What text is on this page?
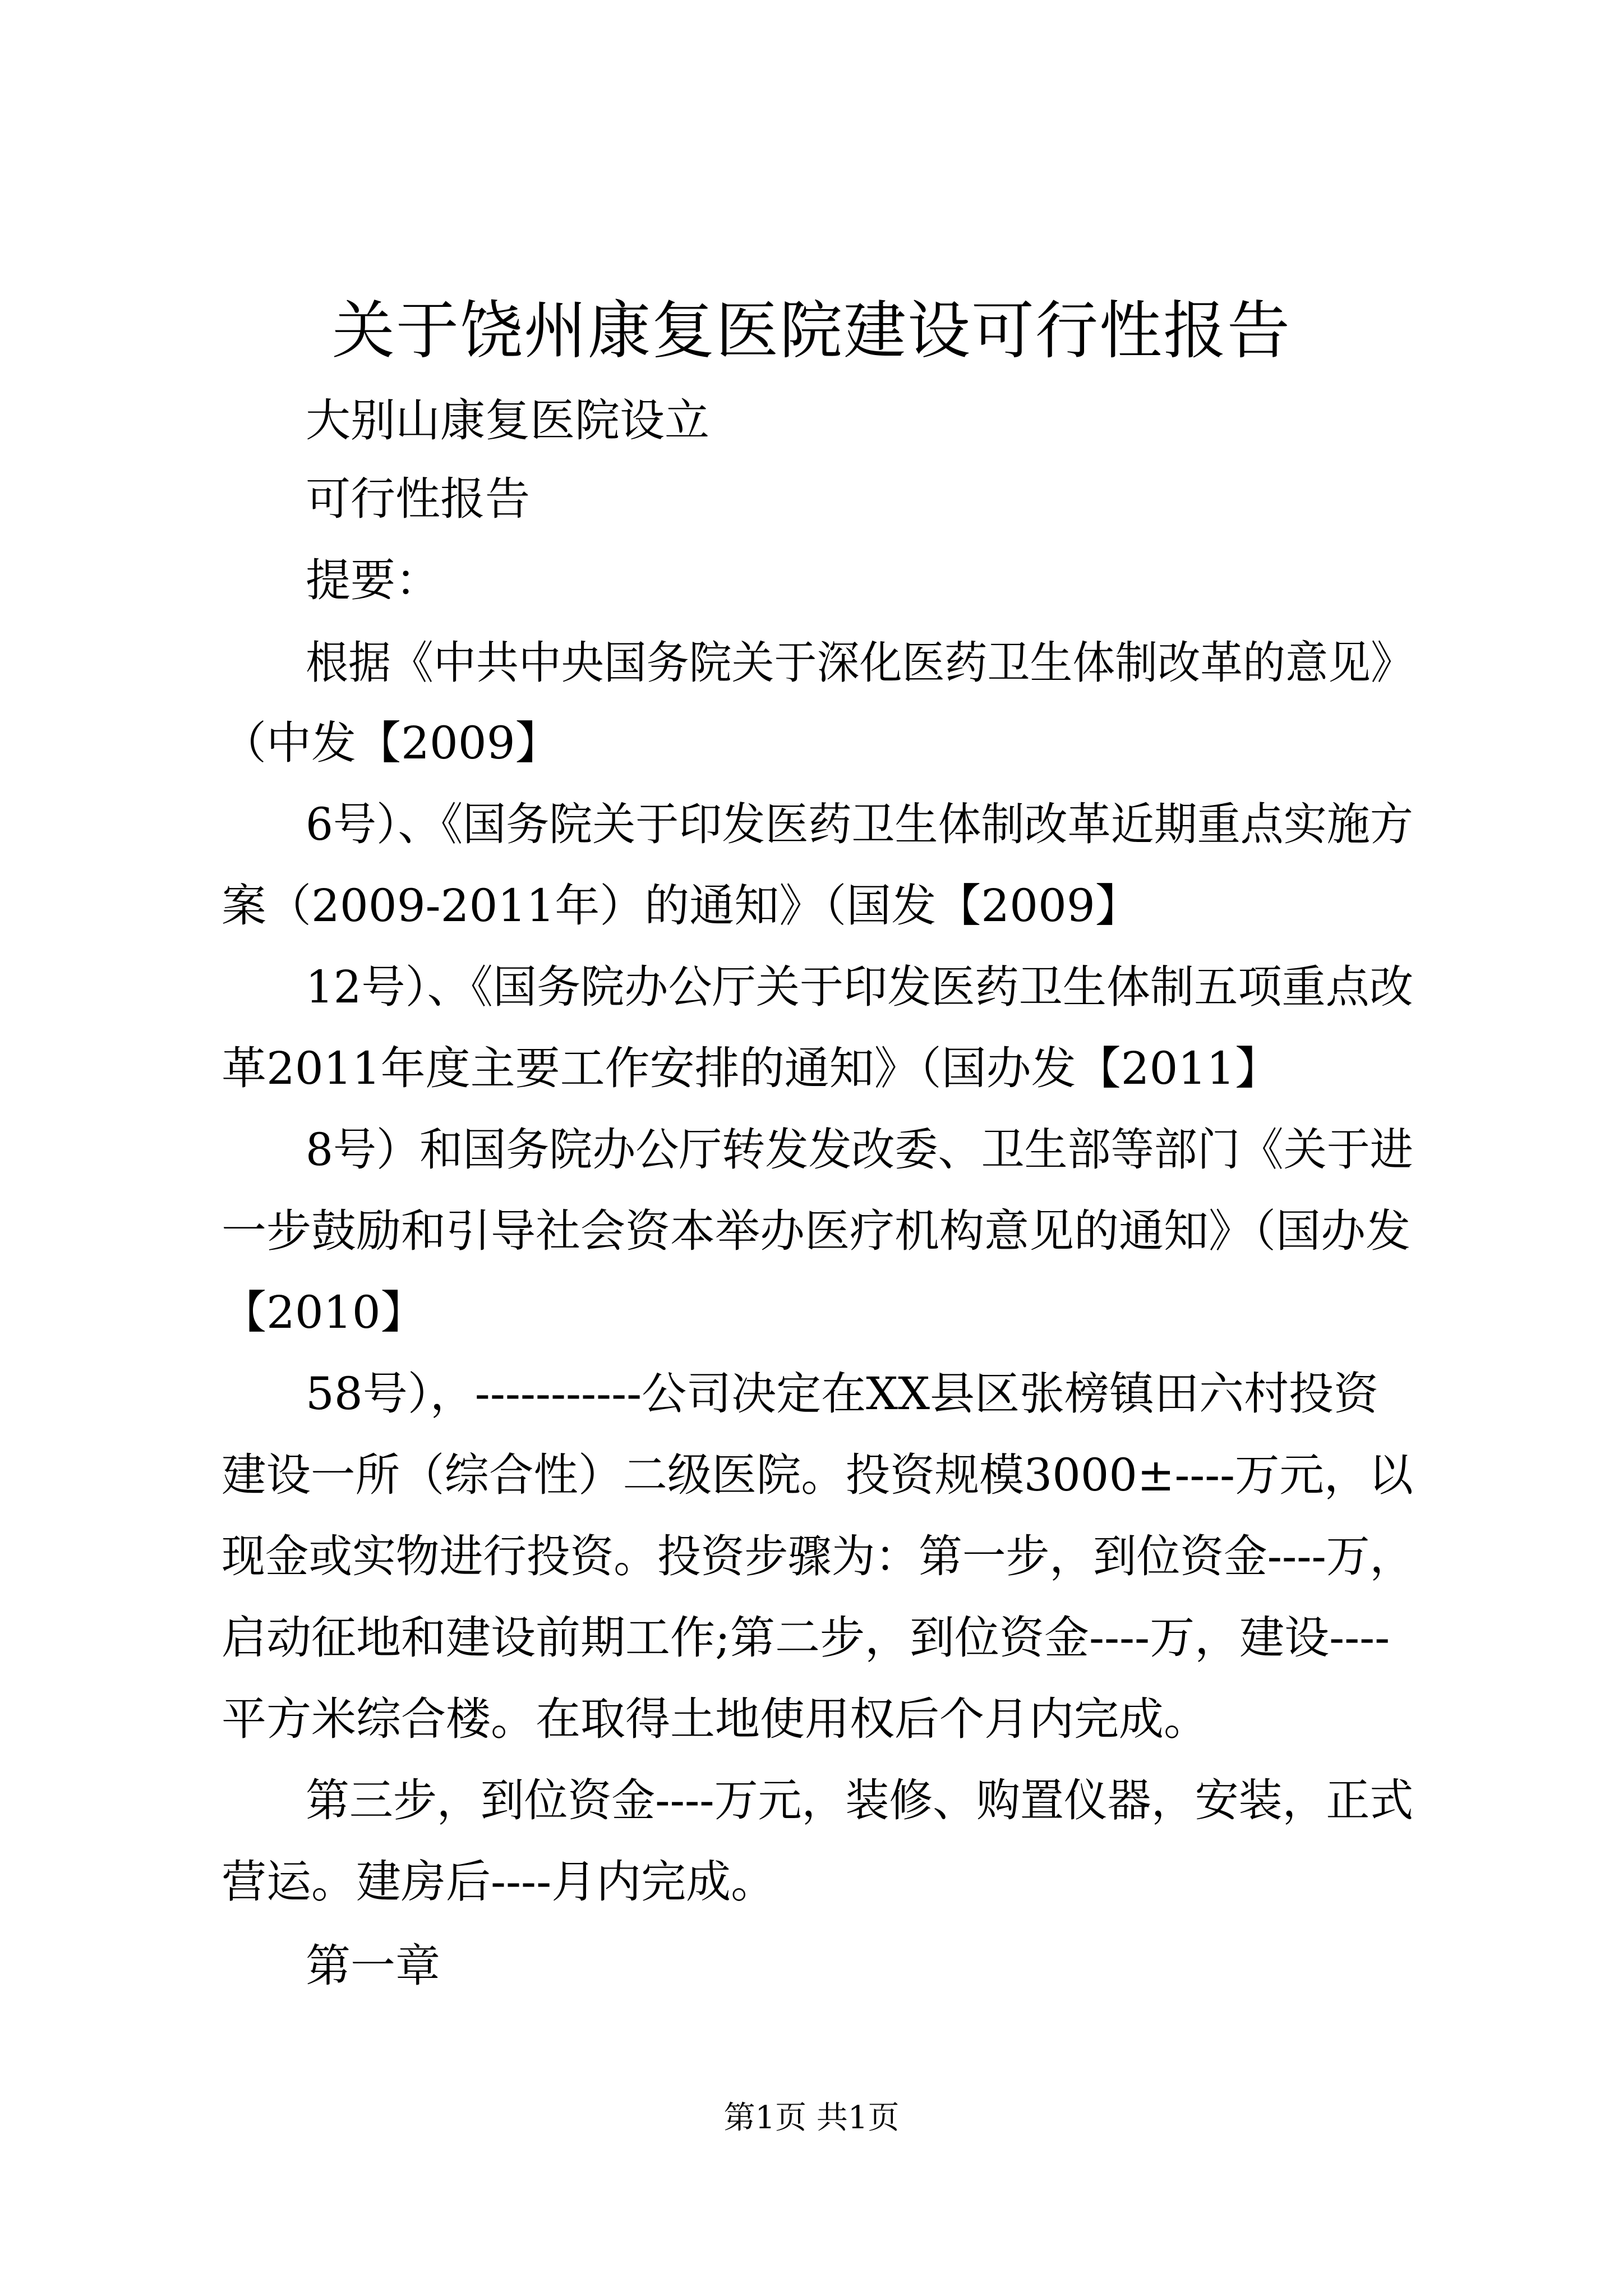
关于饶州康复医院建设可行性报告

大别山康复医院设立

可行性报告

提要：

根据《中共中央国务院关于深化医药卫生体制改革的意见》

（中发【2009】

6号）、《国务院关于印发医药卫生体制改革近期重点实施方

案（2009-2011年）的通知》（国发【2009】

12号）、《国务院办公厅关于印发医药卫生体制五项重点改

革2011年度主要工作安排的通知》（国办发【2011】

8号）和国务院办公厅转发发改委、卫生部等部门《关于进

一步鼓励和引导社会资本举办医疗机构意见的通知》（国办发

【2010】

58号），-----------公司决定在XX县区张榜镇田六村投资

建设一所（综合性）二级医院。投资规模3000±----万元，以

现金或实物进行投资。投资步骤为：第一步，到位资金----万，

启动征地和建设前期工作;第二步，到位资金----万，建设----

平方米综合楼。在取得土地使用权后个月内完成。

第三步，到位资金----万元，装修、购置仪器，安装，正式

营运。建房后----月内完成。

第一章

第1页 共1页
